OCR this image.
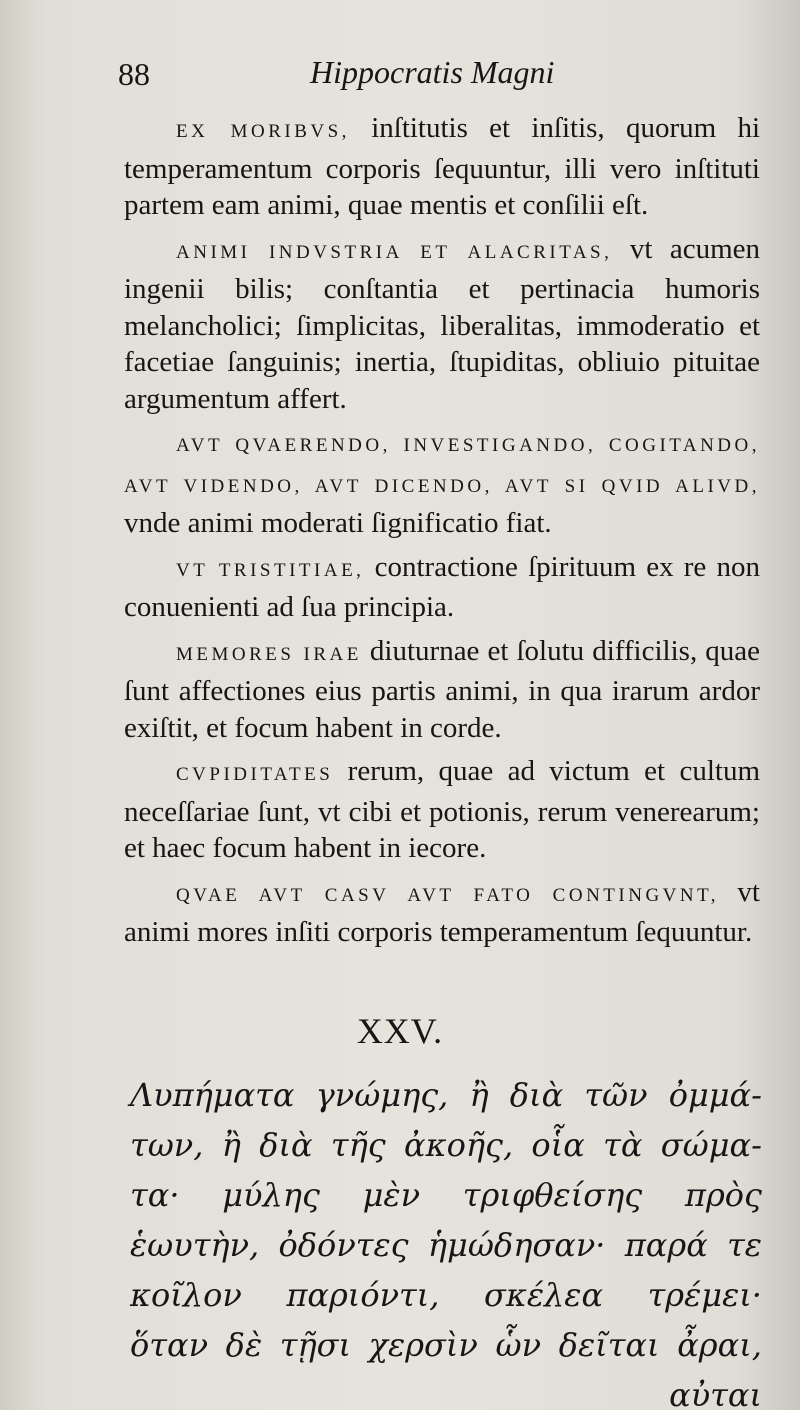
88	Hippocratis Magni

EX MORIBVS, inſtitutis et inſitis, quorum hi temperamentum corporis ſequuntur, illi vero inſtituti partem eam animi, quae mentis et conſilii eſt.

ANIMI INDVSTRIA ET ALACRITAS, vt acumen ingenii bilis; conſtantia et pertinacia humoris melancholici; ſimplicitas, liberalitas, immoderatio et facetiae ſanguinis; inertia, ſtupiditas, obliuio pituitae argumentum affert.

AVT QVAERENDO, INVESTIGANDO, COGITANDO, AVT VIDENDO, AVT DICENDO, AVT SI QVID ALIVD, vnde animi moderati ſignificatio fiat.

VT TRISTITIAE, contractione ſpirituum ex re non conuenienti ad ſua principia.

MEMORES IRAE diuturnae et ſolutu difficilis, quae ſunt affectiones eius partis animi, in qua irarum ardor exiſtit, et focum habent in corde.

CVPIDITATES rerum, quae ad victum et cultum neceſſariae ſunt, vt cibi et potionis, rerum venerearum; et haec focum habent in iecore.

QVAE AVT CASV AVT FATO CONTINGVNT, vt animi mores inſiti corporis temperamentum ſequuntur.

XXV.
Λυπήματα γνώμης, ἢ διὰ τῶν ὀμμά-
των, ἢ διὰ τῆς ἀκοῆς, οἷα τὰ σώμα-
τα· μύλης μὲν τριφθείσης πρὸς
ἑωυτὴν, ὀδόντες ἡμώδησαν· παρά τε
κοῖλον παριόντι, σκέλεα τρέμει·
ὅταν δὲ τῇσι χερσὶν ὧν δεῖται ἆραι,
αὐται
